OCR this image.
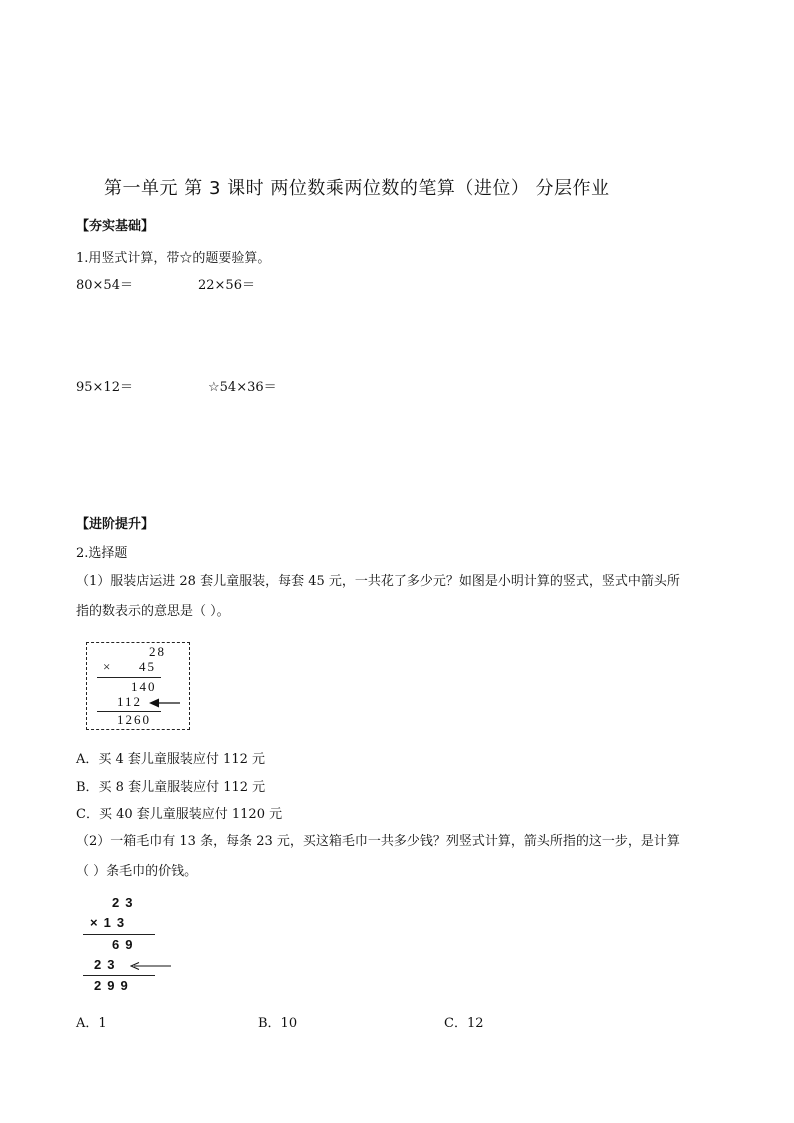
第一单元 第 3 课时 两位数乘两位数的笔算（进位） 分层作业
【夯实基础】
1.用竖式计算，带☆的题要验算。
80×54＝	22×56＝
95×12＝	☆54×36＝
【进阶提升】
2.选择题
（1）服装店运进 28 套儿童服装，每套 45 元，一共花了多少元？如图是小明计算的竖式，竖式中箭头所
指的数表示的意思是（ ）。
28
× 45
140
112
1260
A．买 4 套儿童服装应付 112 元
B．买 8 套儿童服装应付 112 元
C．买 40 套儿童服装应付 1120 元
（2）一箱毛巾有 13 条，每条 23 元，买这箱毛巾一共多少钱？列竖式计算，箭头所指的这一步，是计算
（ ）条毛巾的价钱。
23
×13
69
23
299
A．1	B．10	C．12
